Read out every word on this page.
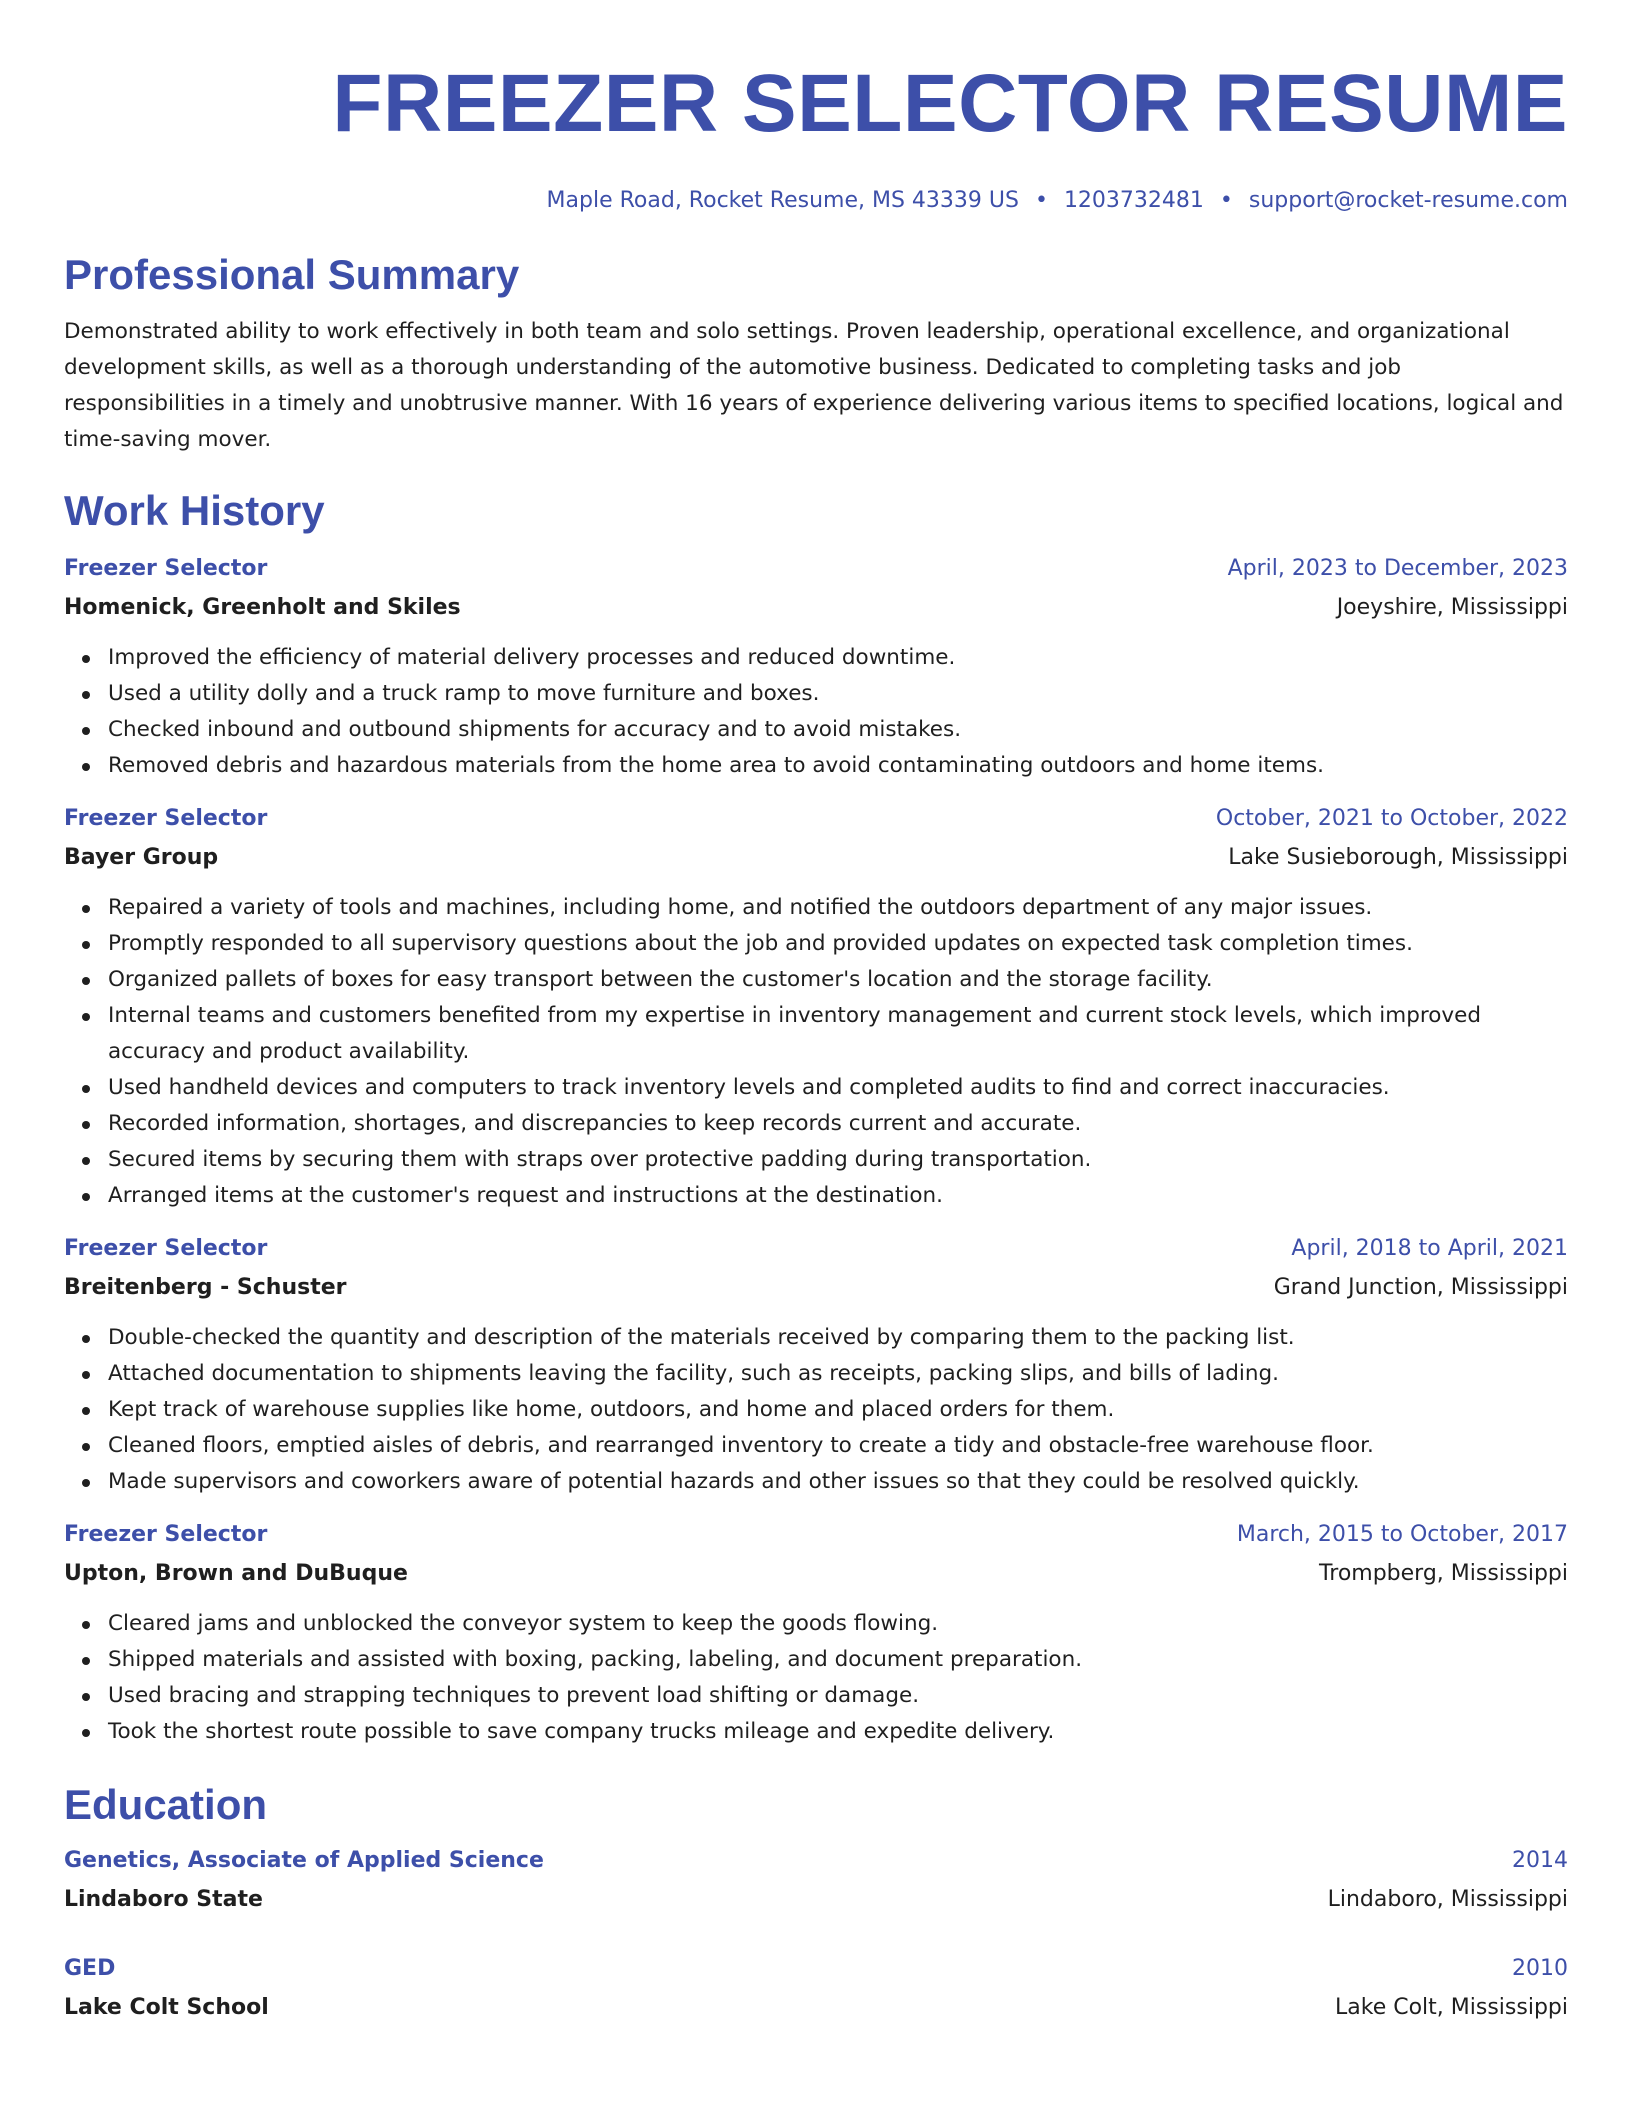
FREEZER SELECTOR RESUME
Maple Road, Rocket Resume, MS 43339 US • 1203732481 • support@rocket-resume.com
Professional Summary

Demonstrated ability to work effectively in both team and solo settings. Proven leadership, operational excellence, and organizational development skills, as well as a thorough understanding of the automotive business. Dedicated to completing tasks and job responsibilities in a timely and unobtrusive manner. With 16 years of experience delivering various items to specified locations, logical and time-saving mover.

Work History
Freezer Selector	April, 2023 to December, 2023
Homenick, Greenholt and Skiles	Joeyshire, Mississippi
Improved the efficiency of material delivery processes and reduced downtime.
Used a utility dolly and a truck ramp to move furniture and boxes.
Checked inbound and outbound shipments for accuracy and to avoid mistakes.
Removed debris and hazardous materials from the home area to avoid contaminating outdoors and home items.
Freezer Selector	October, 2021 to October, 2022
Bayer Group	Lake Susieborough, Mississippi
Repaired a variety of tools and machines, including home, and notified the outdoors department of any major issues.
Promptly responded to all supervisory questions about the job and provided updates on expected task completion times.
Organized pallets of boxes for easy transport between the customer's location and the storage facility.
Internal teams and customers benefited from my expertise in inventory management and current stock levels, which improved accuracy and product availability.
Used handheld devices and computers to track inventory levels and completed audits to find and correct inaccuracies.
Recorded information, shortages, and discrepancies to keep records current and accurate.
Secured items by securing them with straps over protective padding during transportation.
Arranged items at the customer's request and instructions at the destination.
Freezer Selector	April, 2018 to April, 2021
Breitenberg - Schuster	Grand Junction, Mississippi
Double-checked the quantity and description of the materials received by comparing them to the packing list.
Attached documentation to shipments leaving the facility, such as receipts, packing slips, and bills of lading.
Kept track of warehouse supplies like home, outdoors, and home and placed orders for them.
Cleaned floors, emptied aisles of debris, and rearranged inventory to create a tidy and obstacle-free warehouse floor.
Made supervisors and coworkers aware of potential hazards and other issues so that they could be resolved quickly.
Freezer Selector	March, 2015 to October, 2017
Upton, Brown and DuBuque	Trompberg, Mississippi
Cleared jams and unblocked the conveyor system to keep the goods flowing.
Shipped materials and assisted with boxing, packing, labeling, and document preparation.
Used bracing and strapping techniques to prevent load shifting or damage.
Took the shortest route possible to save company trucks mileage and expedite delivery.
Education
Genetics, Associate of Applied Science	2014
Lindaboro State	Lindaboro, Mississippi
GED	2010
Lake Colt School	Lake Colt, Mississippi
